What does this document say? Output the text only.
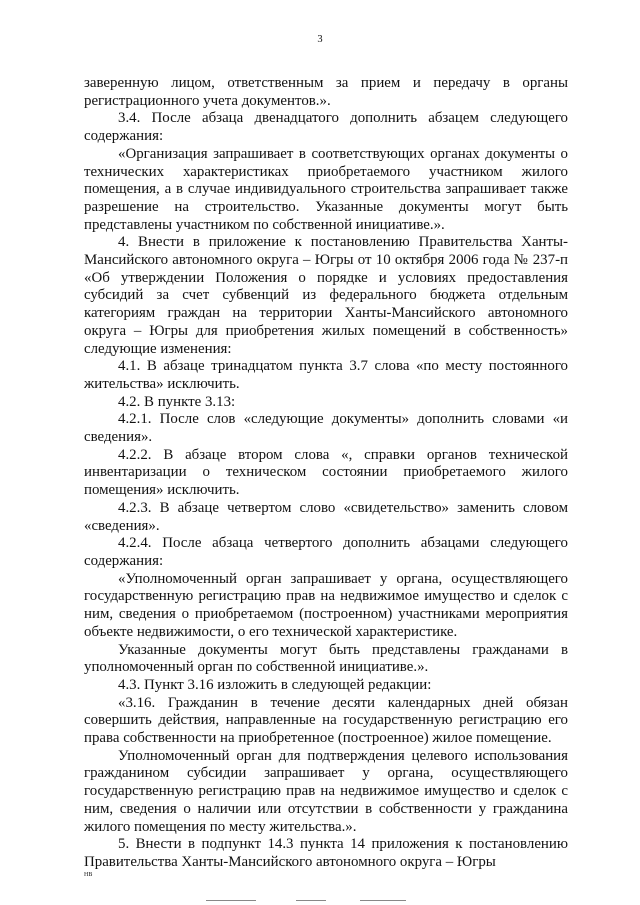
3

заверенную лицом, ответственным за прием и передачу в органы регистрационного учета документов.».

3.4. После абзаца двенадцатого дополнить абзацем следующего содержания:

«Организация запрашивает в соответствующих органах документы о технических характеристиках приобретаемого участником жилого помещения, а в случае индивидуального строительства запрашивает также разрешение на строительство. Указанные документы могут быть представлены участником по собственной инициативе.».

4. Внести в приложение к постановлению Правительства Ханты-Мансийского автономного округа – Югры от 10 октября 2006 года № 237-п «Об утверждении Положения о порядке и условиях предоставления субсидий за счет субвенций из федерального бюджета отдельным категориям граждан на территории Ханты-Мансийского автономного округа – Югры для приобретения жилых помещений в собственность» следующие изменения:

4.1. В абзаце тринадцатом пункта 3.7 слова «по месту постоянного жительства» исключить.

4.2. В пункте 3.13:

4.2.1. После слов «следующие документы» дополнить словами «и сведения».

4.2.2. В абзаце втором слова «, справки органов технической инвентаризации о техническом состоянии приобретаемого жилого помещения» исключить.

4.2.3. В абзаце четвертом слово «свидетельство» заменить словом «сведения».

4.2.4. После абзаца четвертого дополнить абзацами следующего содержания:

«Уполномоченный орган запрашивает у органа, осуществляющего государственную регистрацию прав на недвижимое имущество и сделок с ним, сведения о приобретаемом (построенном) участниками мероприятия объекте недвижимости, о его технической характеристике.

Указанные документы могут быть представлены гражданами в уполномоченный орган по собственной инициативе.».

4.3. Пункт 3.16 изложить в следующей редакции:

«3.16. Гражданин в течение десяти календарных дней обязан совершить действия, направленные на государственную регистрацию его права собственности на приобретенное (построенное) жилое помещение.

Уполномоченный орган для подтверждения целевого использования гражданином субсидии запрашивает у органа, осуществляющего государственную регистрацию прав на недвижимое имущество и сделок с ним, сведения о наличии или отсутствии в собственности у гражданина жилого помещения по месту жительства.».

5. Внести в подпункт 14.3 пункта 14 приложения к постановлению Правительства Ханты-Мансийского автономного округа – Югры

НВ
